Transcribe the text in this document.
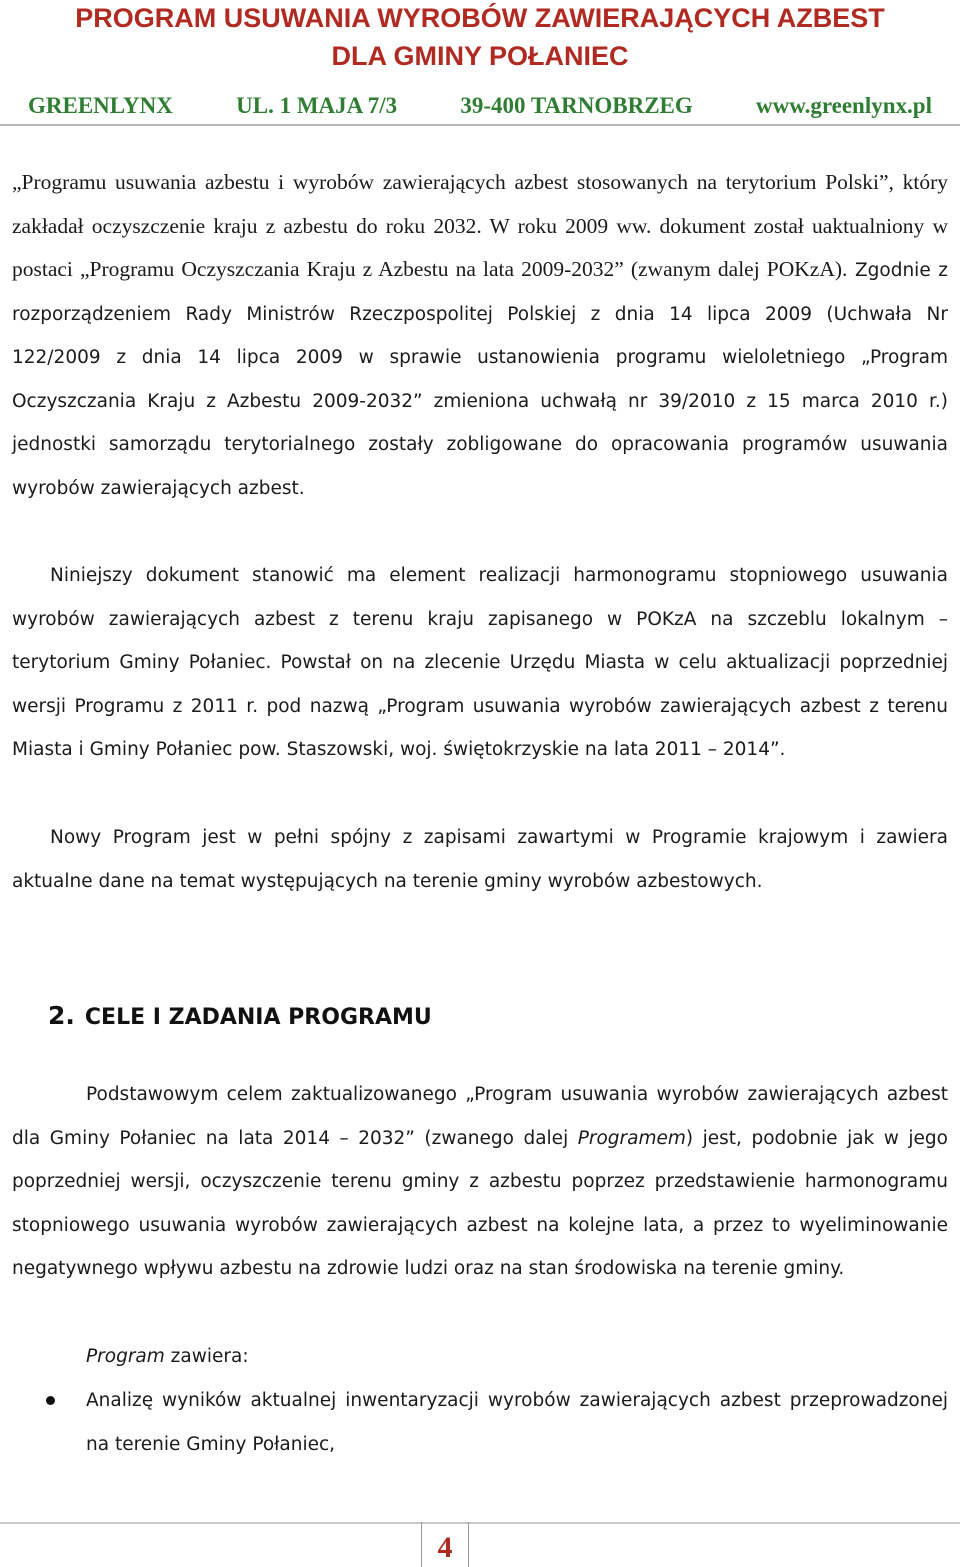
PROGRAM USUWANIA WYROBÓW ZAWIERAJĄCYCH AZBEST
DLA GMINY POŁANIEC
GREENLYNX	UL. 1 MAJA 7/3	39-400 TARNOBRZEG	www.greenlynx.pl

„Programu usuwania azbestu i wyrobów zawierających azbest stosowanych na terytorium Polski”, który zakładał oczyszczenie kraju z azbestu do roku 2032. W roku 2009 ww. dokument został uaktualniony w postaci „Programu Oczyszczania Kraju z Azbestu na lata 2009-2032” (zwanym dalej POKzA). Zgodnie z rozporządzeniem Rady Ministrów Rzeczpospolitej Polskiej z dnia 14 lipca 2009 (Uchwała Nr 122/2009 z dnia 14 lipca 2009 w sprawie ustanowienia programu wieloletniego „Program Oczyszczania Kraju z Azbestu 2009-2032” zmieniona uchwałą nr 39/2010 z 15 marca 2010 r.) jednostki samorządu terytorialnego zostały zobligowane do opracowania programów usuwania wyrobów zawierających azbest.

Niniejszy dokument stanowić ma element realizacji harmonogramu stopniowego usuwania wyrobów zawierających azbest z terenu kraju zapisanego w POKzA na szczeblu lokalnym – terytorium Gminy Połaniec. Powstał on na zlecenie Urzędu Miasta w celu aktualizacji poprzedniej wersji Programu z 2011 r. pod nazwą „Program usuwania wyrobów zawierających azbest z terenu Miasta i Gminy Połaniec pow. Staszowski, woj. świętokrzyskie na lata 2011 – 2014”.

Nowy Program jest w pełni spójny z zapisami zawartymi w Programie krajowym i zawiera aktualne dane na temat występujących na terenie gminy wyrobów azbestowych.

2. CELE I ZADANIA PROGRAMU

Podstawowym celem zaktualizowanego „Program usuwania wyrobów zawierających azbest dla Gminy Połaniec na lata 2014 – 2032” (zwanego dalej Programem) jest, podobnie jak w jego poprzedniej wersji, oczyszczenie terenu gminy z azbestu poprzez przedstawienie harmonogramu stopniowego usuwania wyrobów zawierających azbest na kolejne lata, a przez to wyeliminowanie negatywnego wpływu azbestu na zdrowie ludzi oraz na stan środowiska na terenie gminy.

Program zawiera:

Analizę wyników aktualnej inwentaryzacji wyrobów zawierających azbest przeprowadzonej na terenie Gminy Połaniec,
4
